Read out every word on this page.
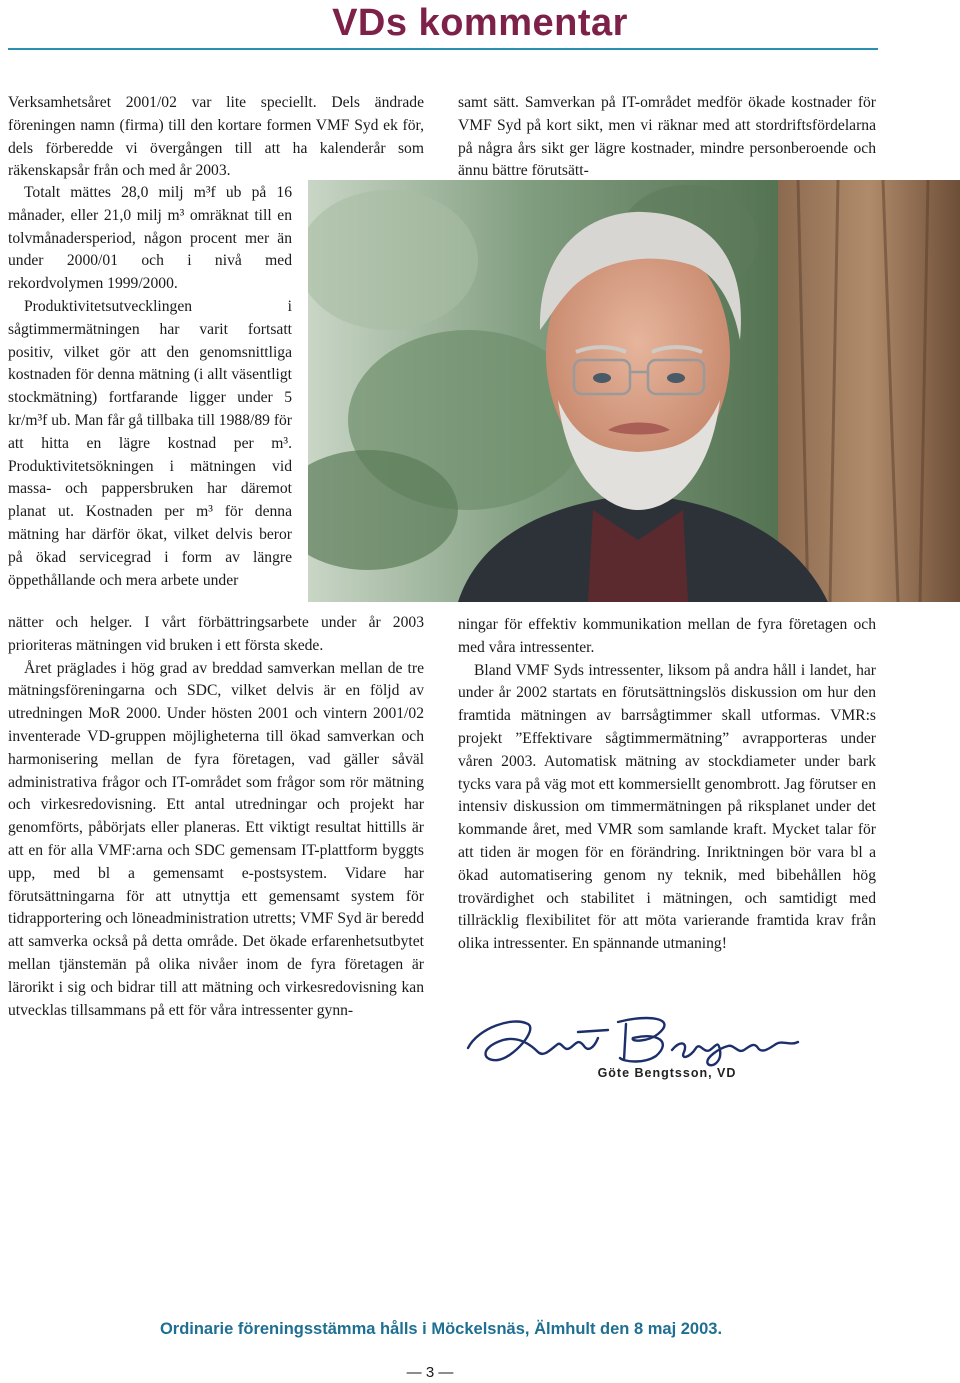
VDs kommentar

Verksamhetsåret 2001/02 var lite speciellt. Dels ändrade föreningen namn (firma) till den kortare formen VMF Syd ek för, dels förberedde vi övergången till att ha kalenderår som räkenskapsår från och med år 2003.

Totalt mättes 28,0 milj m³f ub på 16 månader, eller 21,0 milj m³ omräknat till en tolvmånadersperiod, någon procent mer än under 2000/01 och i nivå med rekordvolymen 1999/2000.

Produktivitetsutvecklingen i sågtimmermätningen har varit fortsatt positiv, vilket gör att den genomsnittliga kostnaden för denna mätning (i allt väsentligt stockmätning) fortfarande ligger under 5 kr/m³f ub. Man får gå tillbaka till 1988/89 för att hitta en lägre kostnad per m³. Produktivitetsökningen i mätningen vid massa- och pappersbruken har däremot planat ut. Kostnaden per m³ för denna mätning har därför ökat, vilket delvis beror på ökad servicegrad i form av längre öppethållande och mera arbete under

nätter och helger. I vårt förbättringsarbete under år 2003 prioriteras mätningen vid bruken i ett första skede.

Året präglades i hög grad av breddad samverkan mellan de tre mätningsföreningarna och SDC, vilket delvis är en följd av utredningen MoR 2000. Under hösten 2001 och vintern 2001/02 inventerade VD-gruppen möjligheterna till ökad samverkan och harmonisering mellan de fyra företagen, vad gäller såväl administrativa frågor och IT-området som frågor som rör mätning och virkesredovisning. Ett antal utredningar och projekt har genomförts, påbörjats eller planeras. Ett viktigt resultat hittills är att en för alla VMF:arna och SDC gemensam IT-plattform byggts upp, med bl a gemensamt e-postsystem. Vidare har förutsättningarna för att utnyttja ett gemensamt system för tidrapportering och löneadministration utretts; VMF Syd är beredd att samverka också på detta område. Det ökade erfarenhetsutbytet mellan tjänstemän på olika nivåer inom de fyra företagen är lärorikt i sig och bidrar till att mätning och virkesredovisning kan utvecklas tillsammans på ett för våra intressenter gynn-

samt sätt. Samverkan på IT-området medför ökade kostnader för VMF Syd på kort sikt, men vi räknar med att stordriftsfördelarna på några års sikt ger lägre kostnader, mindre personberoende och ännu bättre förutsätt-

ningar för effektiv kommunikation mellan de fyra företagen och med våra intressenter.

Bland VMF Syds intressenter, liksom på andra håll i landet, har under år 2002 startats en förutsättningslös diskussion om hur den framtida mätningen av barrsågtimmer skall utformas. VMR:s projekt ”Effektivare sågtimmermätning” avrapporteras under våren 2003. Automatisk mätning av stockdiameter under bark tycks vara på väg mot ett kommersiellt genombrott. Jag förutser en intensiv diskussion om timmermätningen på riksplanet under det kommande året, med VMR som samlande kraft. Mycket talar för att tiden är mogen för en förändring. Inriktningen bör vara bl a ökad automatisering genom ny teknik, med bibehållen hög trovärdighet och stabilitet i mätningen, och samtidigt med tillräcklig flexibilitet för att möta varierande framtida krav från olika intressenter. En spännande utmaning!

Göte Bengtsson, VD
Ordinarie föreningsstämma hålls i Möckelsnäs, Älmhult den 8 maj 2003.
— 3 —
